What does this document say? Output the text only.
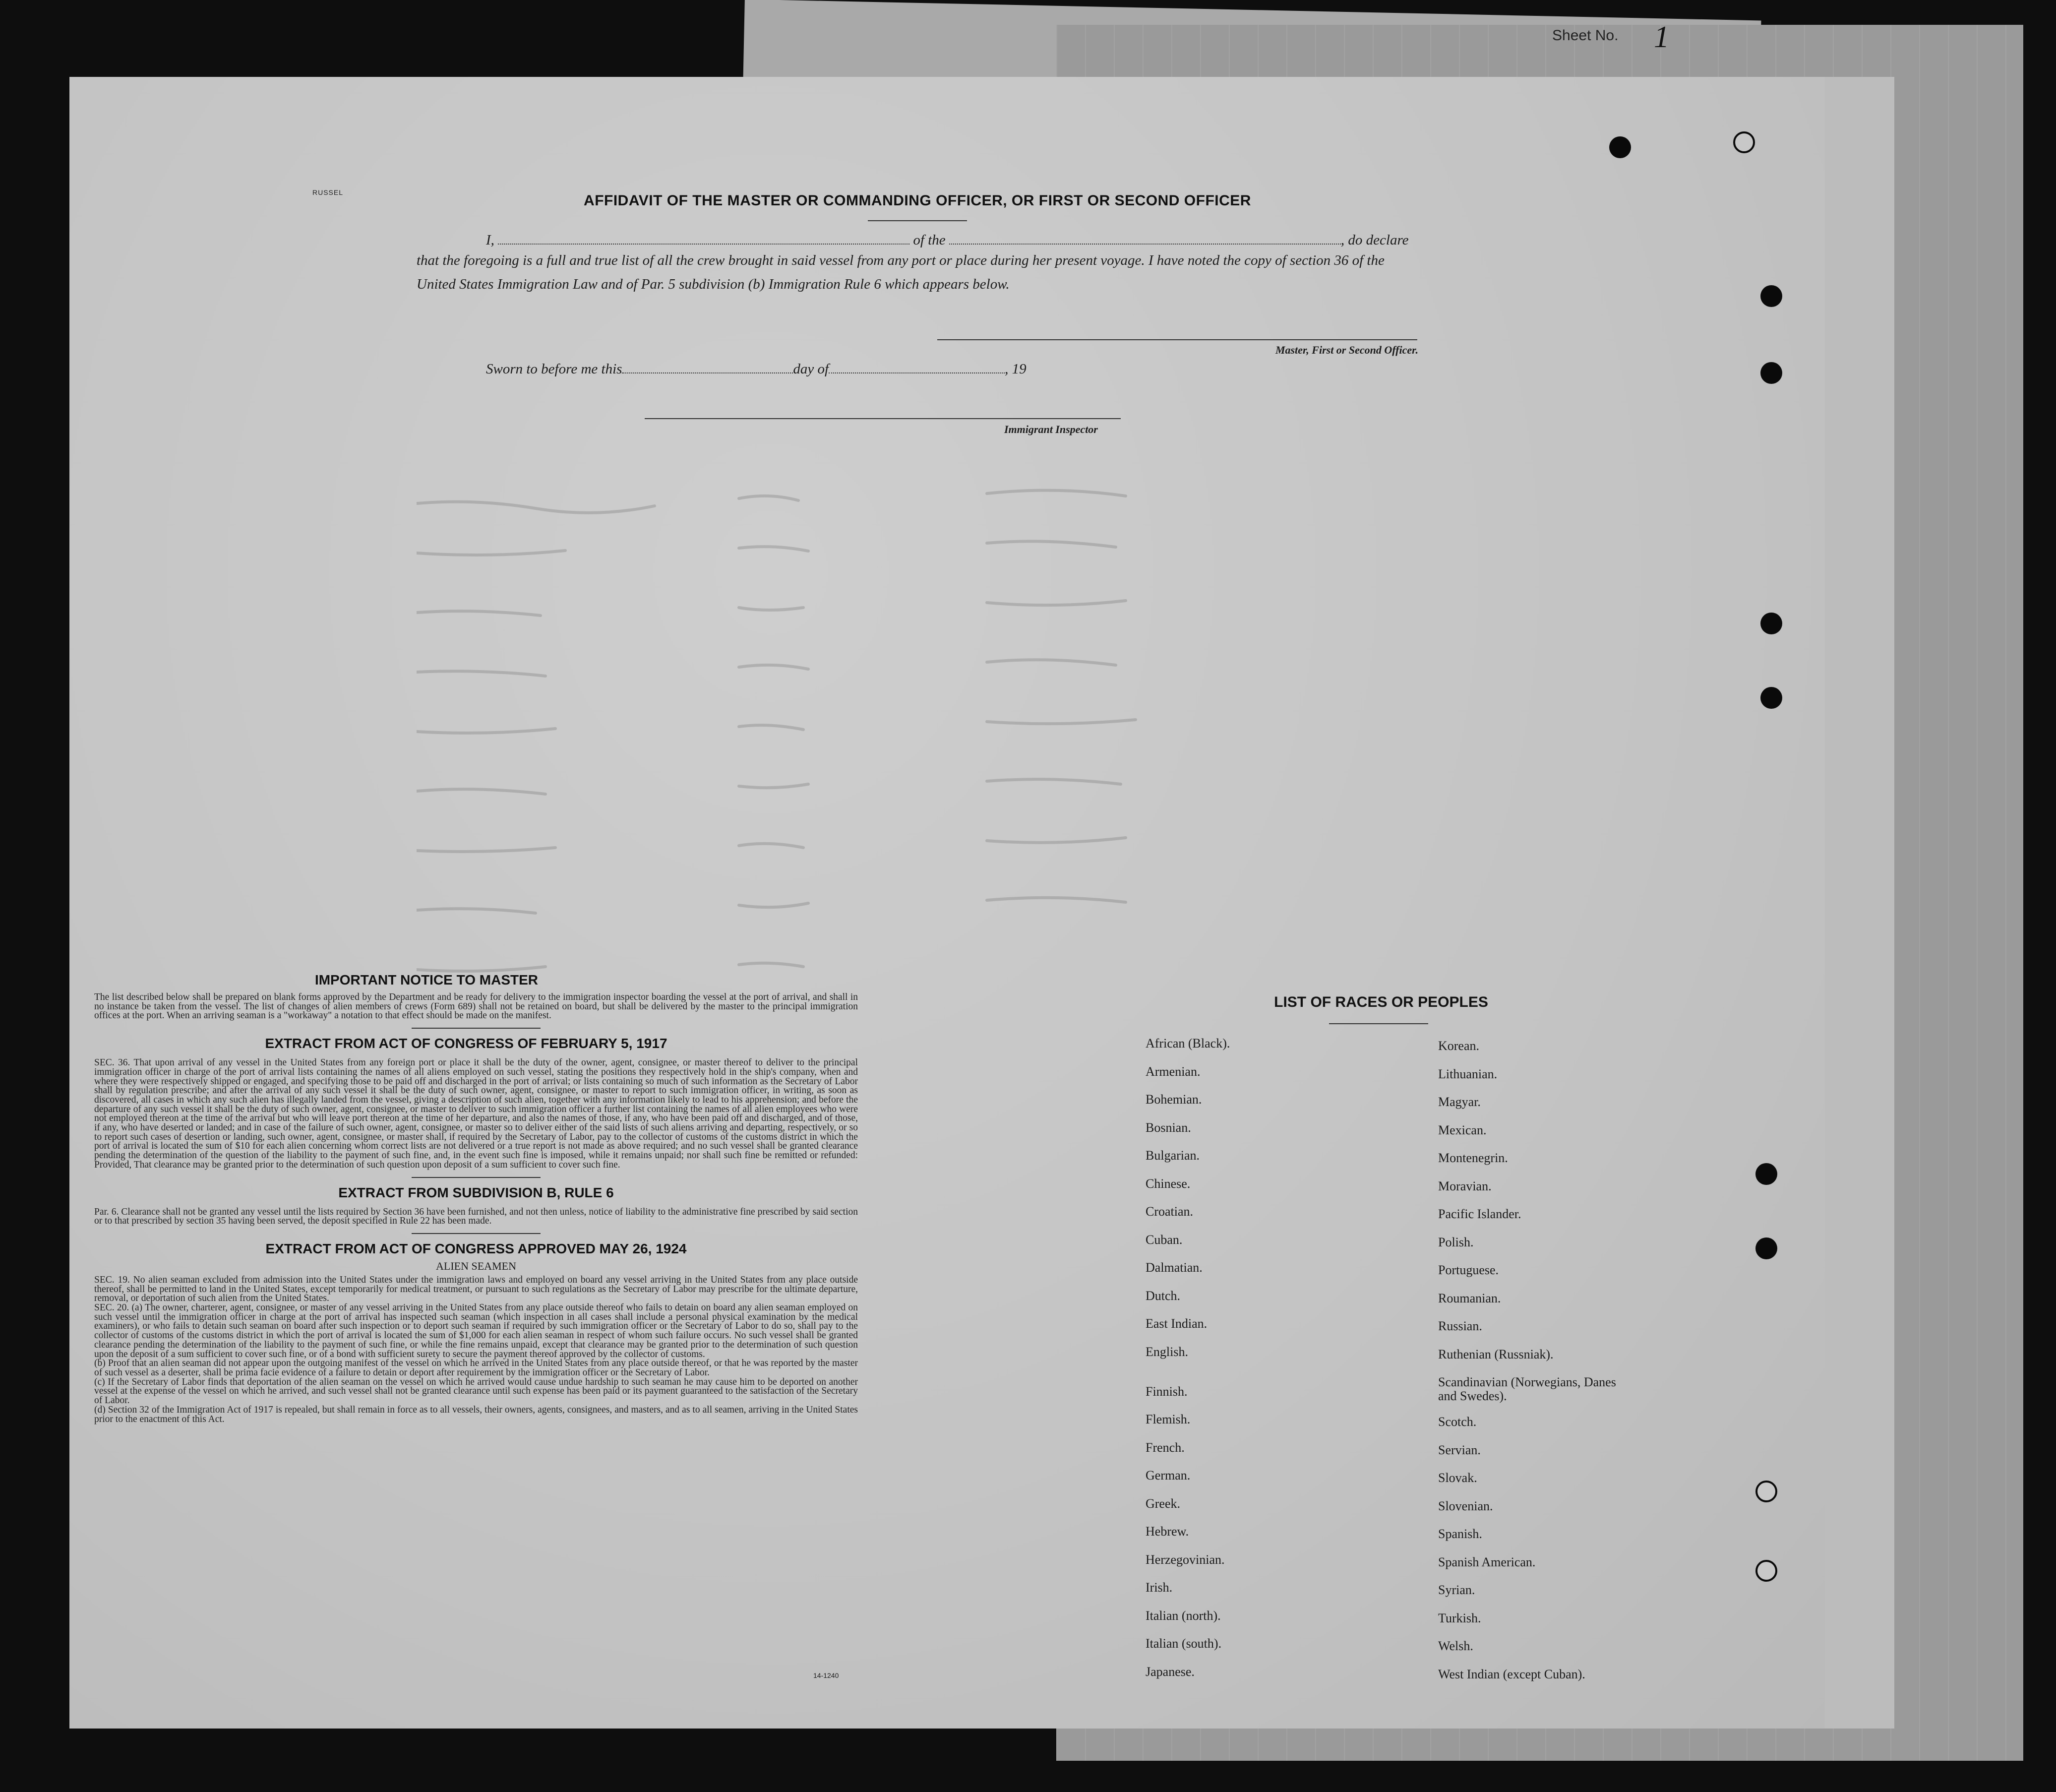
Sheet No. 1
RUSSEL	AFFIDAVIT OF THE MASTER OR COMMANDING OFFICER, OR FIRST OR SECOND OFFICER
I,	of the	, do declare
that the foregoing is a full and true list of all the crew brought in said vessel from any port or place during her present voyage. I have noted the copy of section 36 of the United States Immigration Law and of Par. 5 subdivision (b) Immigration Rule 6 which appears below.
Master, First or Second Officer.
Sworn to before me this	day of	, 19
Immigrant Inspector
IMPORTANT NOTICE TO MASTER
The list described below shall be prepared on blank forms approved by the Department and be ready for delivery to the immigration inspector boarding the vessel at the port of arrival, and shall in no instance be taken from the vessel. The list of changes of alien members of crews (Form 689) shall not be retained on board, but shall be delivered by the master to the principal immigration offices at the port. When an arriving seaman is a "workaway" a notation to that effect should be made on the manifest.
EXTRACT FROM ACT OF CONGRESS OF FEBRUARY 5, 1917
SEC. 36. That upon arrival of any vessel in the United States from any foreign port or place it shall be the duty of the owner, agent, consignee, or master thereof to deliver to the principal immigration officer in charge of the port of arrival lists containing the names of all aliens employed on such vessel, stating the positions they respectively hold in the ship's company, when and where they were respectively shipped or engaged, and specifying those to be paid off and discharged in the port of arrival; or lists containing so much of such information as the Secretary of Labor shall by regulation prescribe; and after the arrival of any such vessel it shall be the duty of such owner, agent, consignee, or master to report to such immigration officer, in writing, as soon as discovered, all cases in which any such alien has illegally landed from the vessel, giving a description of such alien, together with any information likely to lead to his apprehension; and before the departure of any such vessel it shall be the duty of such owner, agent, consignee, or master to deliver to such immigration officer a further list containing the names of all alien employees who were not employed thereon at the time of the arrival but who will leave port thereon at the time of her departure, and also the names of those, if any, who have been paid off and discharged, and of those, if any, who have deserted or landed; and in case of the failure of such owner, agent, consignee, or master so to deliver either of the said lists of such aliens arriving and departing, respectively, or so to report such cases of desertion or landing, such owner, agent, consignee, or master shall, if required by the Secretary of Labor, pay to the collector of customs of the customs district in which the port of arrival is located the sum of $10 for each alien concerning whom correct lists are not delivered or a true report is not made as above required; and no such vessel shall be granted clearance pending the determination of the question of the liability to the payment of such fine, and, in the event such fine is imposed, while it remains unpaid; nor shall such fine be remitted or refunded: Provided, That clearance may be granted prior to the determination of such question upon deposit of a sum sufficient to cover such fine.
EXTRACT FROM SUBDIVISION B, RULE 6
Par. 6. Clearance shall not be granted any vessel until the lists required by Section 36 have been furnished, and not then unless, notice of liability to the administrative fine prescribed by said section or to that prescribed by section 35 having been served, the deposit specified in Rule 22 has been made.
EXTRACT FROM ACT OF CONGRESS APPROVED MAY 26, 1924
ALIEN SEAMEN
SEC. 19. No alien seaman excluded from admission into the United States under the immigration laws and employed on board any vessel arriving in the United States from any place outside thereof, shall be permitted to land in the United States, except temporarily for medical treatment, or pursuant to such regulations as the Secretary of Labor may prescribe for the ultimate departure, removal, or deportation of such alien from the United States.
SEC. 20. (a) The owner, charterer, agent, consignee, or master of any vessel arriving in the United States from any place outside thereof who fails to detain on board any alien seaman employed on such vessel until the immigration officer in charge at the port of arrival has inspected such seaman (which inspection in all cases shall include a personal physical examination by the medical examiners), or who fails to detain such seaman on board after such inspection or to deport such seaman if required by such immigration officer or the Secretary of Labor to do so, shall pay to the collector of customs of the customs district in which the port of arrival is located the sum of $1,000 for each alien seaman in respect of whom such failure occurs. No such vessel shall be granted clearance pending the determination of the liability to the payment of such fine, or while the fine remains unpaid, except that clearance may be granted prior to the determination of such question upon the deposit of a sum sufficient to cover such fine, or of a bond with sufficient surety to secure the payment thereof approved by the collector of customs.
(b) Proof that an alien seaman did not appear upon the outgoing manifest of the vessel on which he arrived in the United States from any place outside thereof, or that he was reported by the master of such vessel as a deserter, shall be prima facie evidence of a failure to detain or deport after requirement by the immigration officer or the Secretary of Labor.
(c) If the Secretary of Labor finds that deportation of the alien seaman on the vessel on which he arrived would cause undue hardship to such seaman he may cause him to be deported on another vessel at the expense of the vessel on which he arrived, and such vessel shall not be granted clearance until such expense has been paid or its payment guaranteed to the satisfaction of the Secretary of Labor.
(d) Section 32 of the Immigration Act of 1917 is repealed, but shall remain in force as to all vessels, their owners, agents, consignees, and masters, and as to all seamen, arriving in the United States prior to the enactment of this Act.
14-1240
LIST OF RACES OR PEOPLES
African (Black).
Armenian.
Bohemian.
Bosnian.
Bulgarian.
Chinese.
Croatian.
Cuban.
Dalmatian.
Dutch.
East Indian.
English.
Finnish.
Flemish.
French.
German.
Greek.
Hebrew.
Herzegovinian.
Irish.
Italian (north).
Italian (south).
Japanese.
Korean.
Lithuanian.
Magyar.
Mexican.
Montenegrin.
Moravian.
Pacific Islander.
Polish.
Portuguese.
Roumanian.
Russian.
Ruthenian (Russniak).
Scandinavian (Norwegians, Danes and Swedes).
Scotch.
Servian.
Slovak.
Slovenian.
Spanish.
Spanish American.
Syrian.
Turkish.
Welsh.
West Indian (except Cuban).
